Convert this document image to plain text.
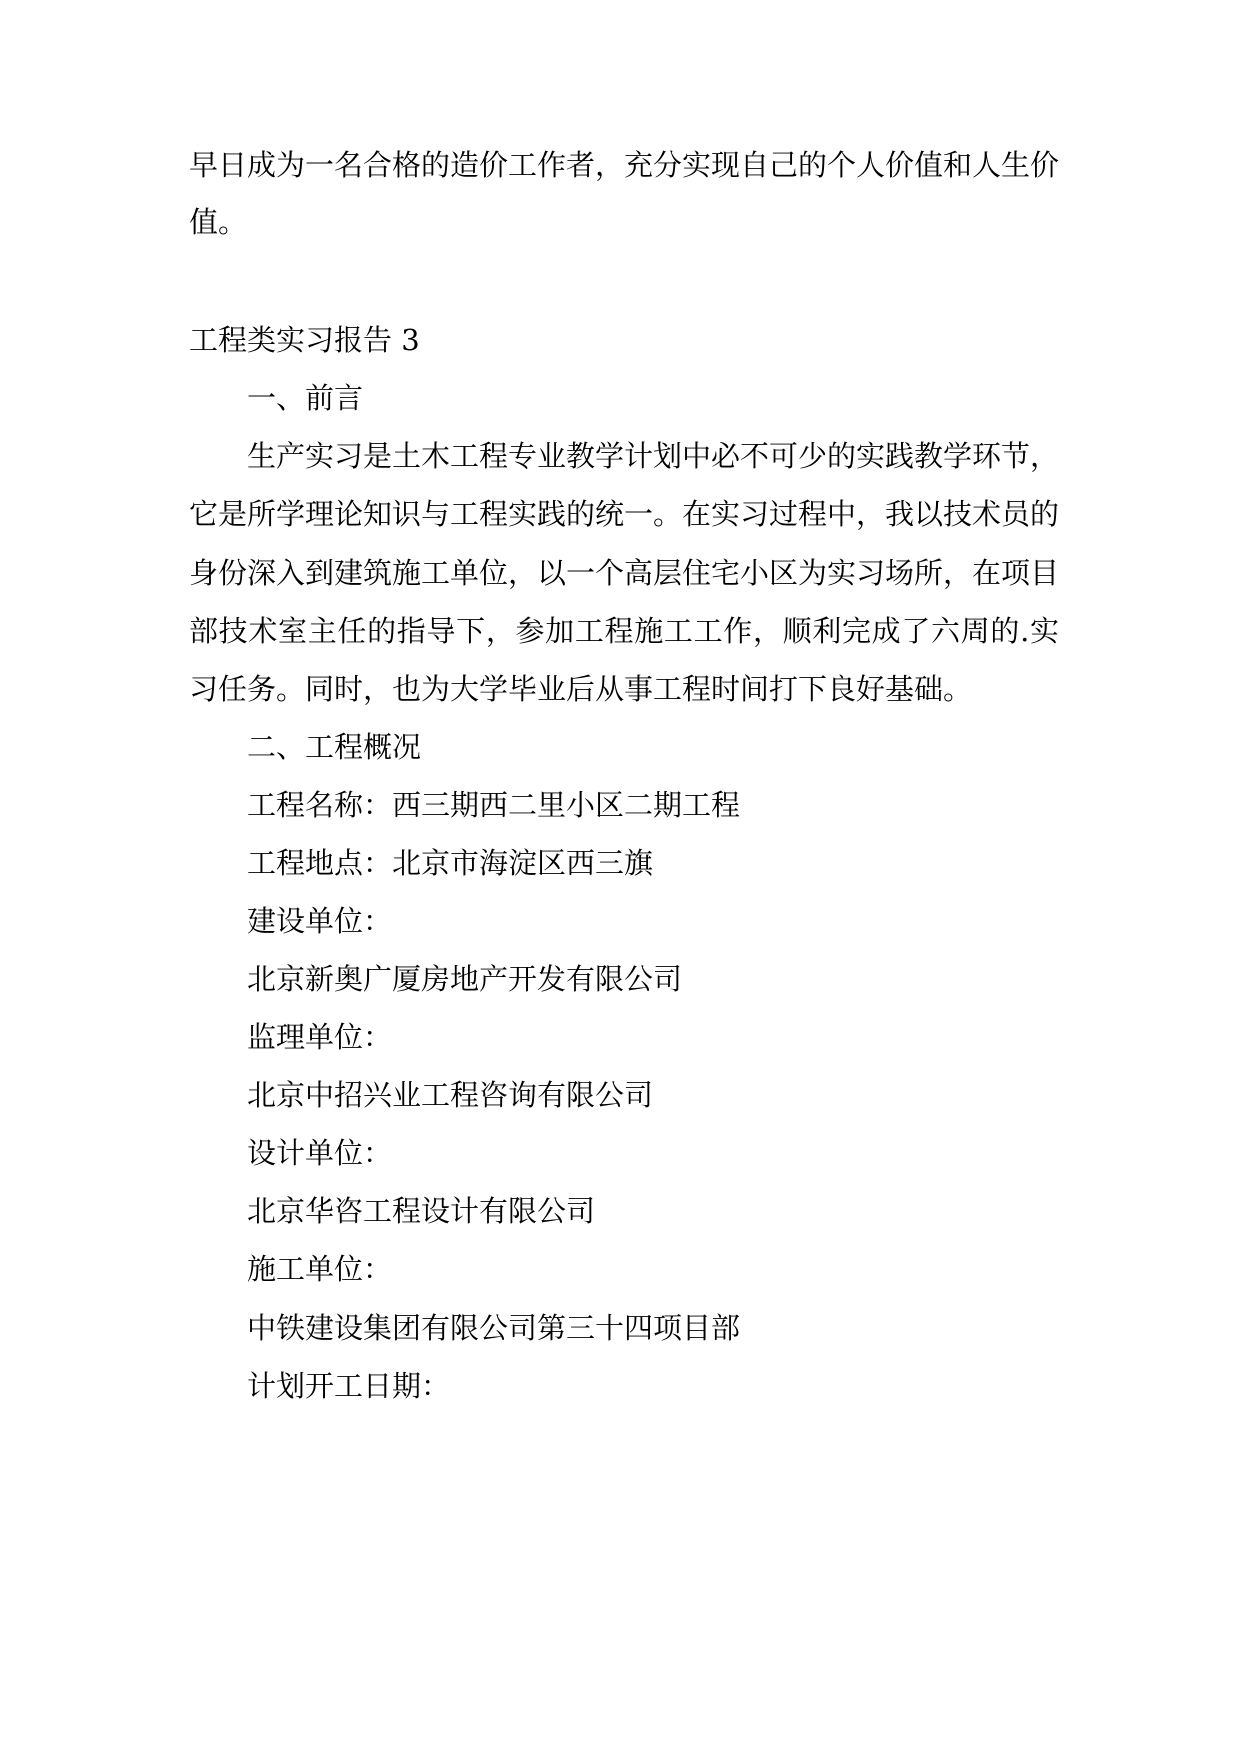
早日成为一名合格的造价工作者，充分实现自己的个人价值和人生价
值。
工程类实习报告 3
一、前言
生产实习是土木工程专业教学计划中必不可少的实践教学环节，
它是所学理论知识与工程实践的统一。在实习过程中，我以技术员的
身份深入到建筑施工单位，以一个高层住宅小区为实习场所，在项目
部技术室主任的指导下，参加工程施工工作，顺利完成了六周的.实
习任务。同时，也为大学毕业后从事工程时间打下良好基础。
二、工程概况
工程名称：西三期西二里小区二期工程
工程地点：北京市海淀区西三旗
建设单位：
北京新奥广厦房地产开发有限公司
监理单位：
北京中招兴业工程咨询有限公司
设计单位：
北京华咨工程设计有限公司
施工单位：
中铁建设集团有限公司第三十四项目部
计划开工日期：
